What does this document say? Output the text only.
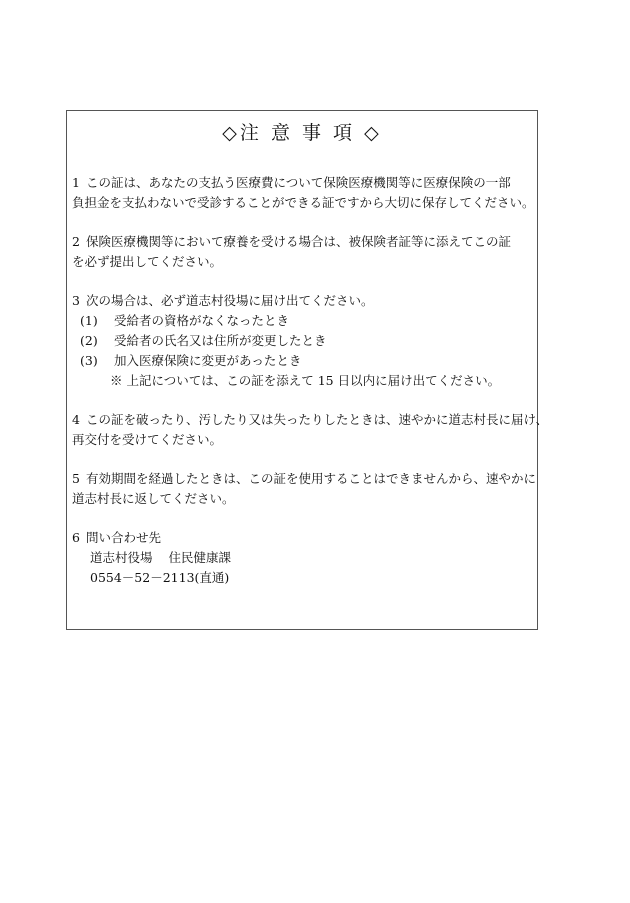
◇注 意 事 項 ◇
1 この証は、あなたの支払う医療費について保険医療機関等に医療保険の一部
負担金を支払わないで受診することができる証ですから大切に保存してください。
2 保険医療機関等において療養を受ける場合は、被保険者証等に添えてこの証
を必ず提出してください。
3 次の場合は、必ず道志村役場に届け出てください。
(1) 受給者の資格がなくなったとき
(2) 受給者の氏名又は住所が変更したとき
(3) 加入医療保険に変更があったとき
※ 上記については、この証を添えて 15 日以内に届け出てください。
4 この証を破ったり、汚したり又は失ったりしたときは、速やかに道志村長に届け、
再交付を受けてください。
5 有効期間を経過したときは、この証を使用することはできませんから、速やかに
道志村長に返してください。
6 問い合わせ先
道志村役場 住民健康課
0554－52－2113(直通)
